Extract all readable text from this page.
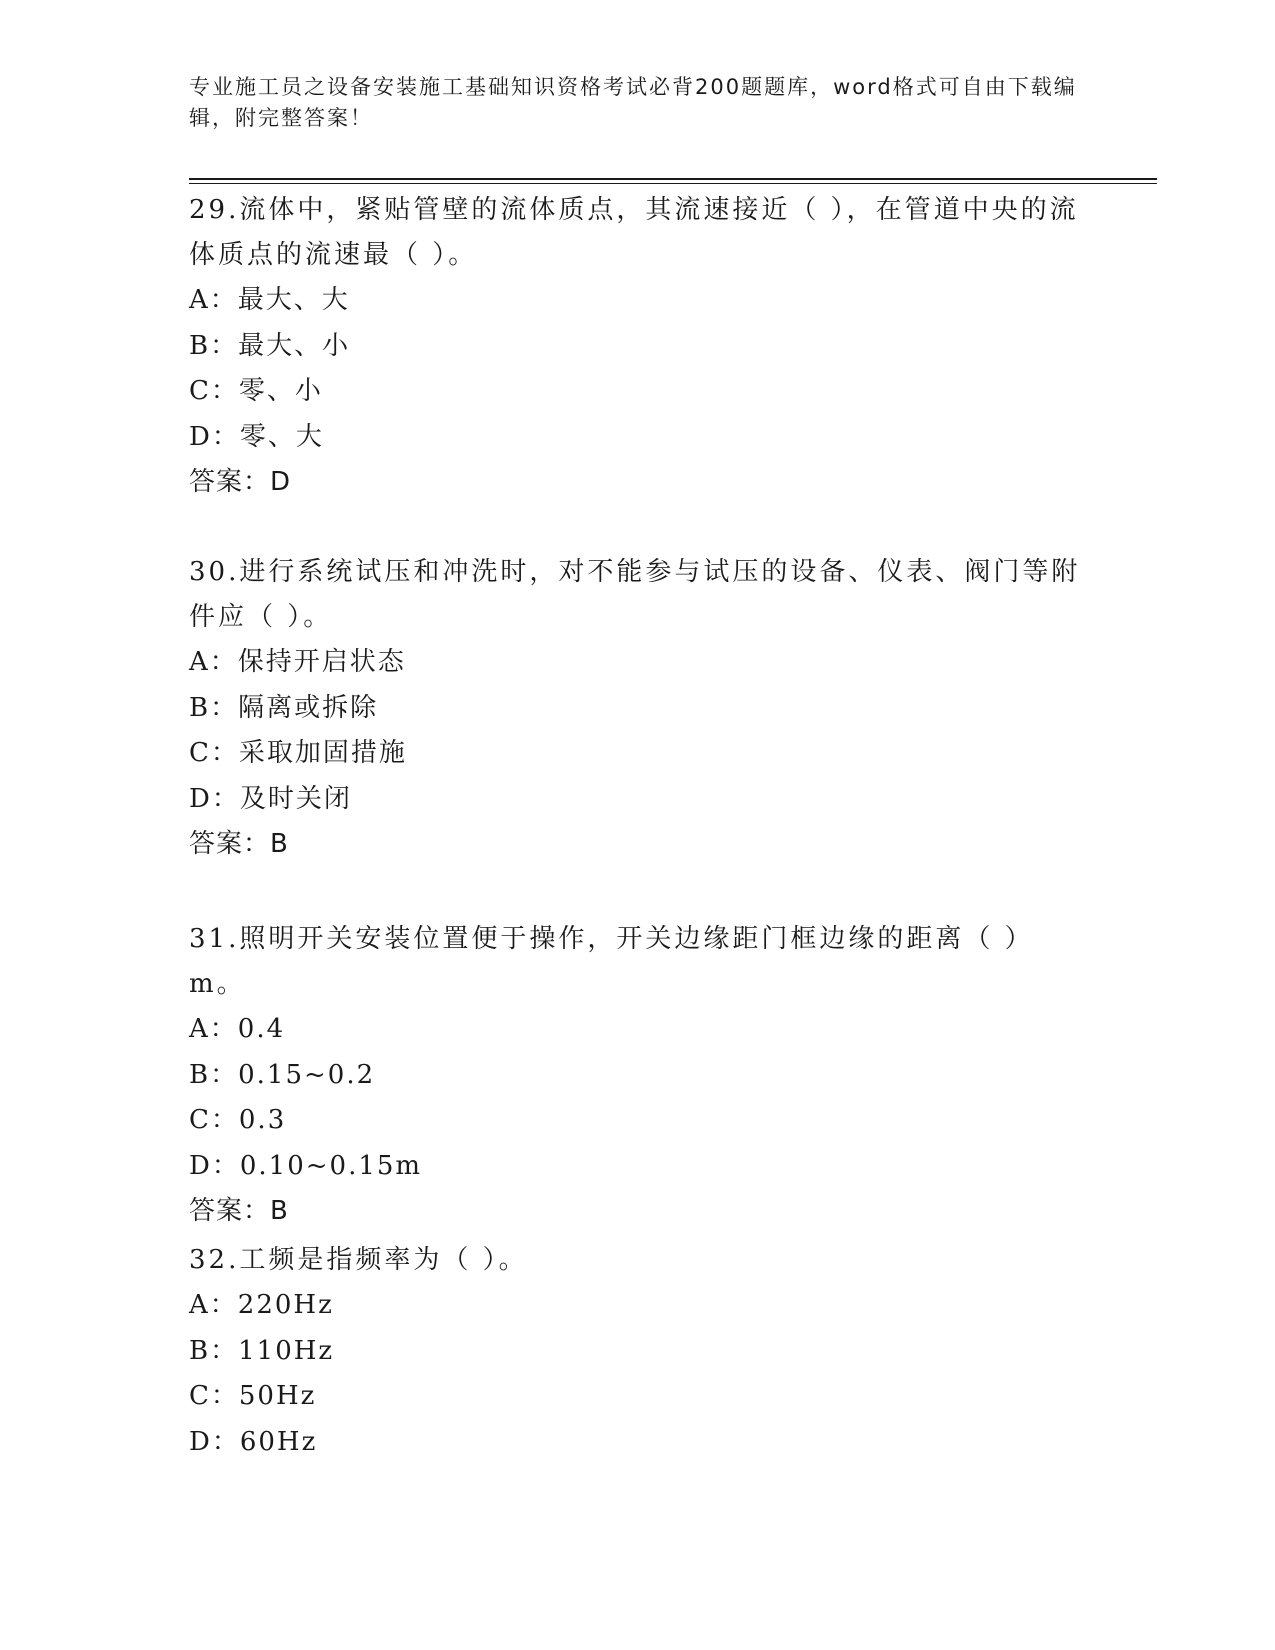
专业施工员之设备安装施工基础知识资格考试必背200题题库，word格式可自由下载编辑，附完整答案！
29.流体中，紧贴管壁的流体质点，其流速接近（ ），在管道中央的流体质点的流速最（ ）。
A：最大、大
B：最大、小
C：零、小
D：零、大
答案：D
30.进行系统试压和冲洗时，对不能参与试压的设备、仪表、阀门等附件应（ ）。
A：保持开启状态
B：隔离或拆除
C：采取加固措施
D：及时关闭
答案：B
31.照明开关安装位置便于操作，开关边缘距门框边缘的距离（ ）m。
A：0.4
B：0.15~0.2
C：0.3
D：0.10~0.15m
答案：B
32.工频是指频率为（ ）。
A：220Hz
B：110Hz
C：50Hz
D：60Hz
